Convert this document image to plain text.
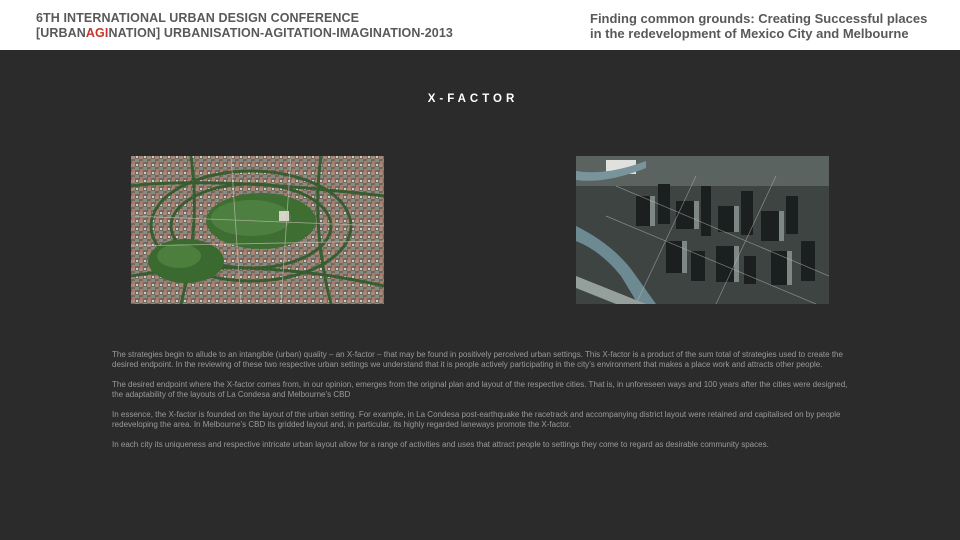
6TH INTERNATIONAL URBAN DESIGN CONFERENCE
[URBANAGINATION] URBANISATION-AGITATION-IMAGINATION-2013
Finding common grounds: Creating Successful places
in the redevelopment of Mexico City and Melbourne
X-FACTOR

The strategies begin to allude to an intangible (urban) quality – an X-factor – that may be found in positively perceived urban settings. This X-factor is a product of the sum total of strategies used to create the desired endpoint. In the reviewing of these two respective urban settings we understand that it is people actively participating in the city’s environment that makes a place work and attracts other people.

The desired endpoint where the X-factor comes from, in our opinion, emerges from the original plan and layout of the respective cities. That is, in unforeseen ways and 100 years after the cities were designed, the adaptability of the layouts of La Condesa and Melbourne’s CBD

In essence, the X-factor is founded on the layout of the urban setting. For example, in La Condesa post-earthquake the racetrack and accompanying district layout were retained and capitalised on by people redeveloping the area. In Melbourne’s CBD its gridded layout and, in particular, its highly regarded laneways promote the X-factor.

In each city its uniqueness and respective intricate urban layout allow for a range of activities and uses that attract people to settings they come to regard as desirable community spaces.
